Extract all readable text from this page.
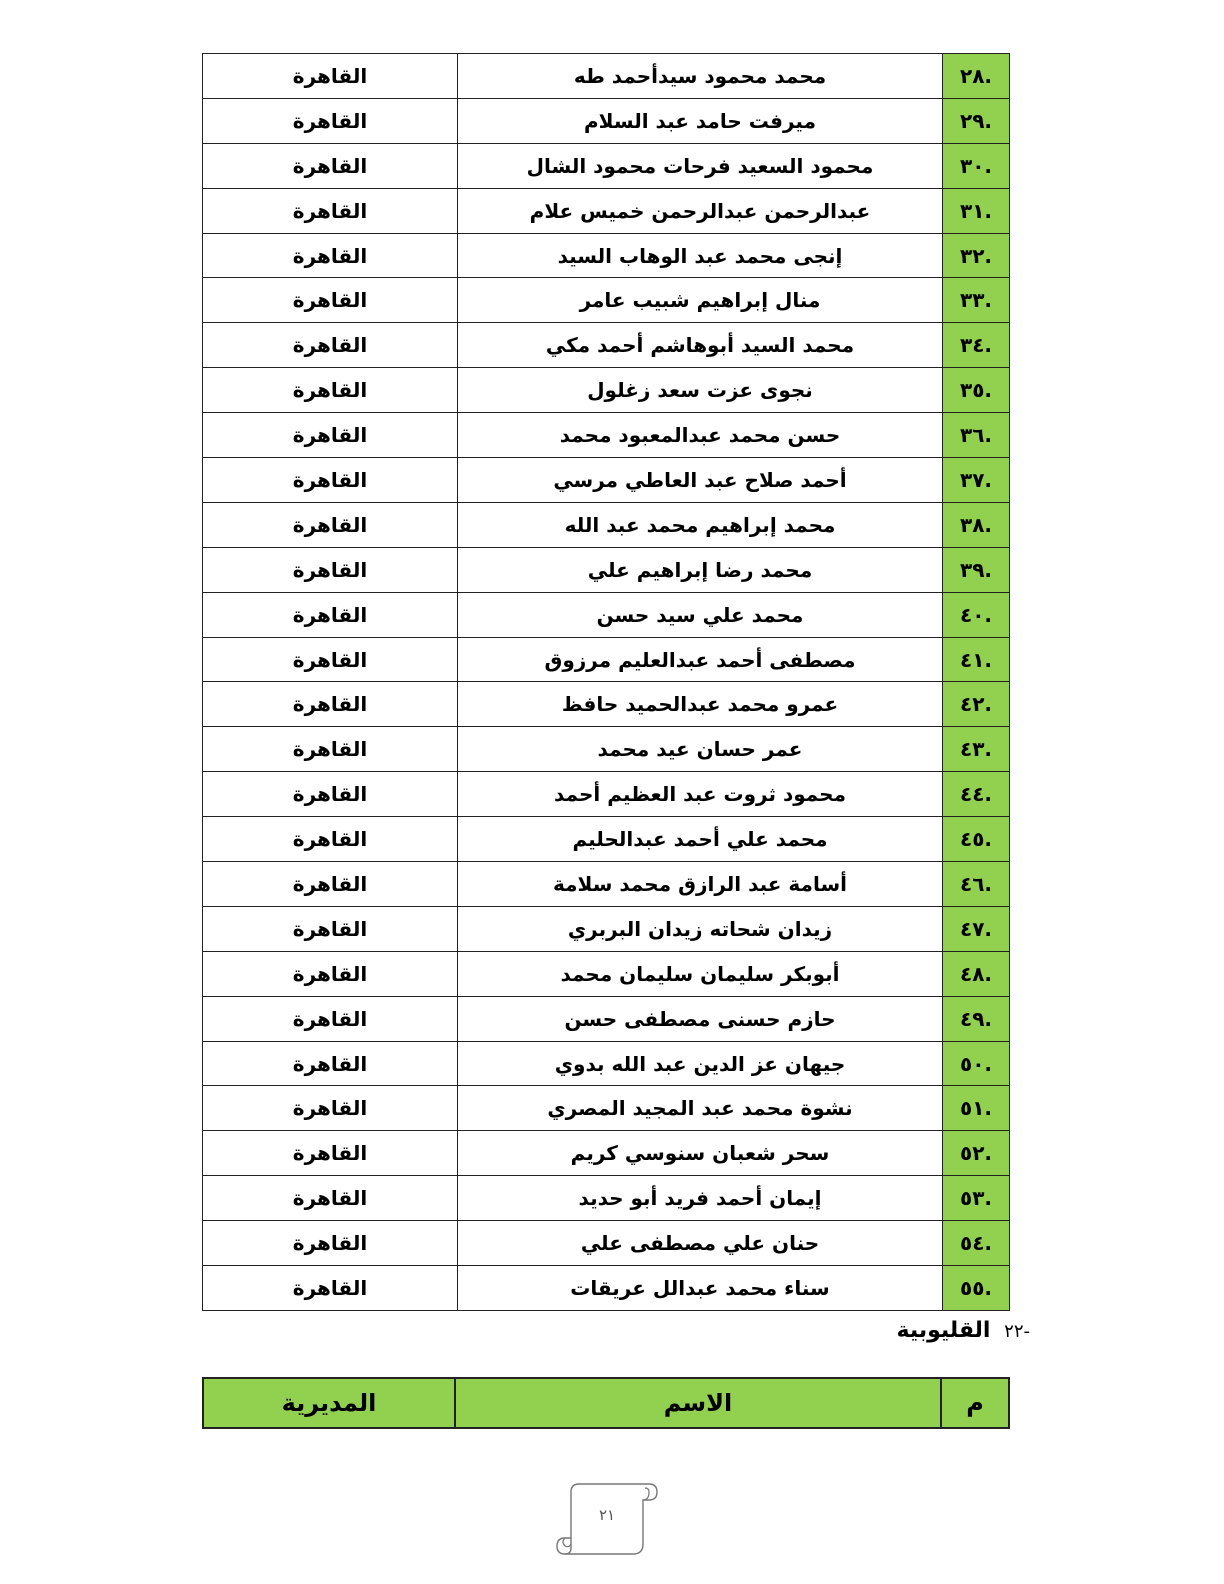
.٢٨	محمد محمود سيدأحمد طه	القاهرة
.٢٩	ميرفت حامد عبد السلام	القاهرة
.٣٠	محمود السعيد فرحات محمود الشال	القاهرة
.٣١	عبدالرحمن عبدالرحمن خميس علام	القاهرة
.٣٢	إنجى محمد عبد الوهاب السيد	القاهرة
.٣٣	منال إبراهيم شبيب عامر	القاهرة
.٣٤	محمد السيد أبوهاشم أحمد مكي	القاهرة
.٣٥	نجوى عزت سعد زغلول	القاهرة
.٣٦	حسن محمد عبدالمعبود محمد	القاهرة
.٣٧	أحمد صلاح عبد العاطي مرسي	القاهرة
.٣٨	محمد إبراهيم محمد عبد الله	القاهرة
.٣٩	محمد رضا إبراهيم علي	القاهرة
.٤٠	محمد علي سيد حسن	القاهرة
.٤١	مصطفى أحمد عبدالعليم مرزوق	القاهرة
.٤٢	عمرو محمد عبدالحميد حافظ	القاهرة
.٤٣	عمر حسان عيد محمد	القاهرة
.٤٤	محمود ثروت عبد العظيم أحمد	القاهرة
.٤٥	محمد علي أحمد عبدالحليم	القاهرة
.٤٦	أسامة عبد الرازق محمد سلامة	القاهرة
.٤٧	زيدان شحاته زيدان البربري	القاهرة
.٤٨	أبوبكر سليمان سليمان محمد	القاهرة
.٤٩	حازم حسنى مصطفى حسن	القاهرة
.٥٠	جيهان عز الدين عبد الله بدوي	القاهرة
.٥١	نشوة محمد عبد المجيد المصري	القاهرة
.٥٢	سحر شعبان سنوسي كريم	القاهرة
.٥٣	إيمان أحمد فريد أبو حديد	القاهرة
.٥٤	حنان علي مصطفى علي	القاهرة
.٥٥	سناء محمد عبدالل عريقات	القاهرة
-٢٢ القليوبية
م	الاسم	المديرية
٢١
